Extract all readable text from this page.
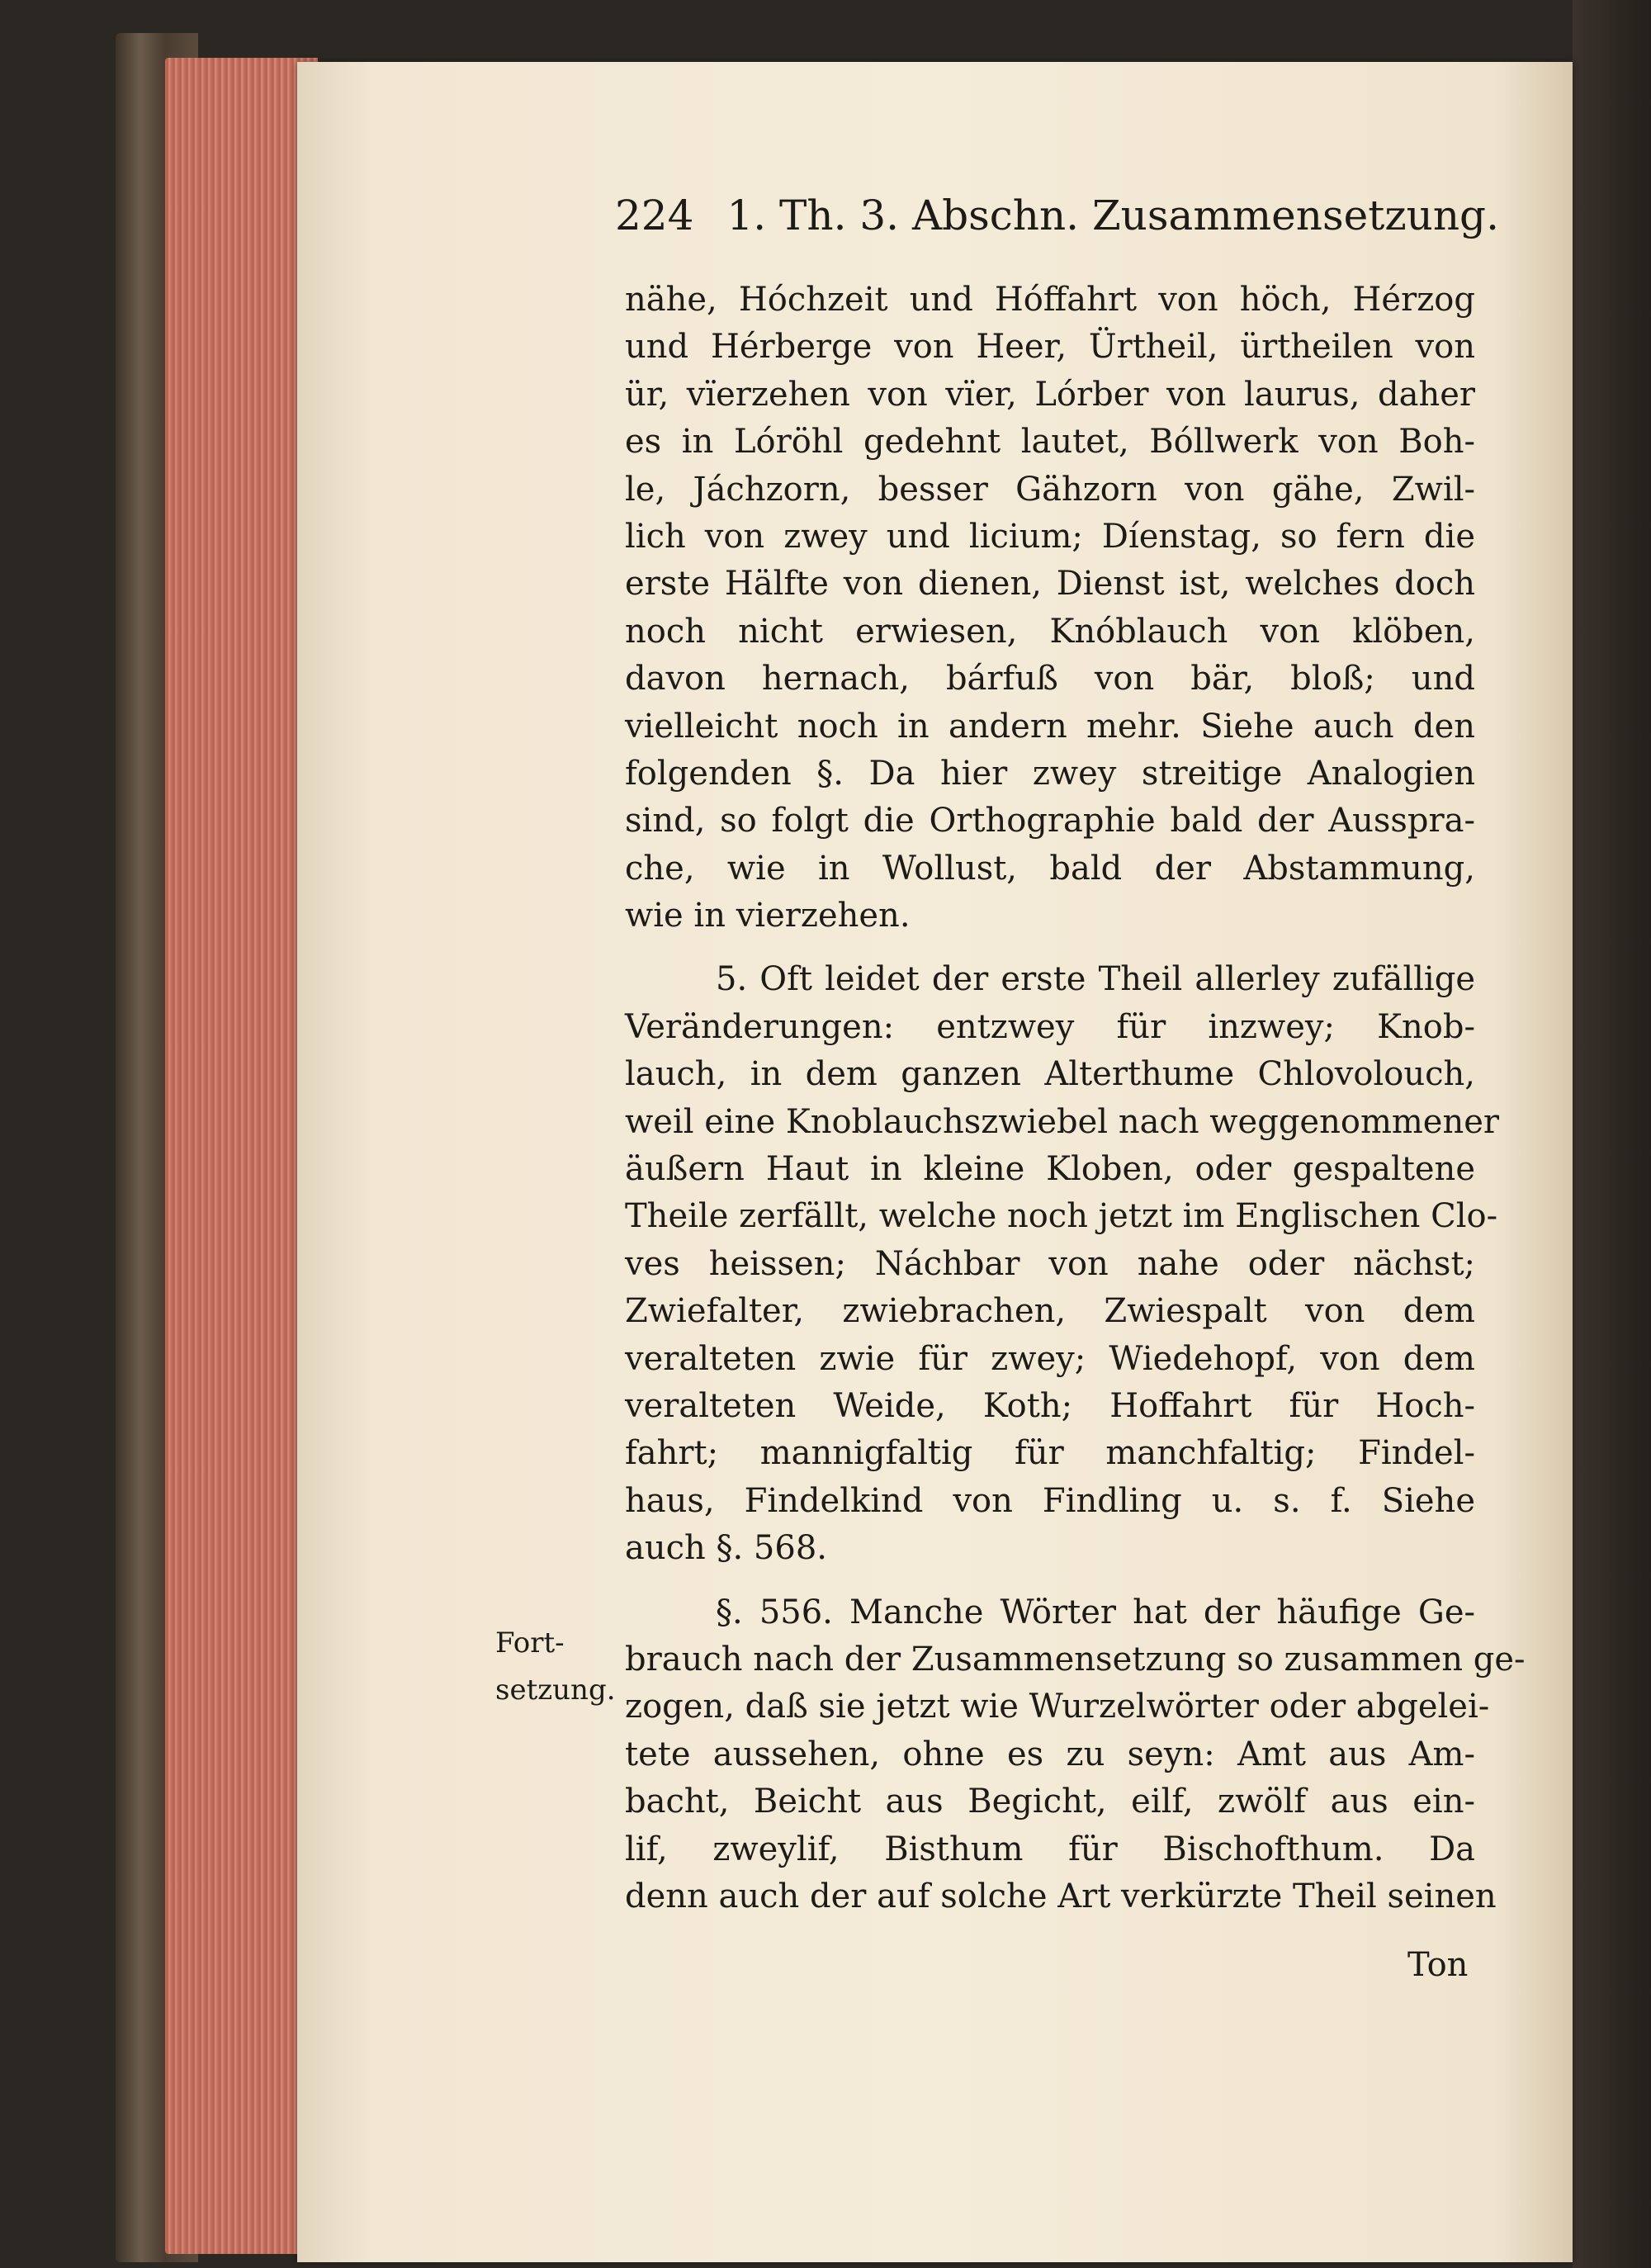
224 1. Th. 3. Abschn. Zusammensetzung.
nähe, Hóchzeit und Hóffahrt von höch, Hérzog
und Hérberge von Heer, Ürtheil, ürtheilen von
ür, vïerzehen von vïer, Lórber von laurus, daher
es in Lóröhl gedehnt lautet, Bóllwerk von Boh-
le, Jáchzorn, besser Gähzorn von gähe, Zwil-
lich von zwey und licium; Díenstag, so fern die
erste Hälfte von dienen, Dienst ist, welches doch
noch nicht erwiesen, Knóblauch von klöben,
davon hernach, bárfuß von bär, bloß; und
vielleicht noch in andern mehr. Siehe auch den
folgenden §. Da hier zwey streitige Analogien
sind, so folgt die Orthographie bald der Aussprа-
che, wie in Wollust, bald der Abstammung,
wie in vierzehen.
5. Oft leidet der erste Theil allerley zufällige
Veränderungen: entzwey für inzwey; Knob-
lauch, in dem ganzen Alterthume Chlovolouch,
weil eine Knoblauchszwiebel nach weggenommener
äußern Haut in kleine Kloben, oder gespaltene
Theile zerfällt, welche noch jetzt im Englischen Clo-
ves heissen; Náchbar von nahe oder nächst;
Zwiefalter, zwiebrachen, Zwiespalt von dem
veralteten zwie für zwey; Wiedehopf, von dem
veralteten Weide, Koth; Hoffahrt für Hoch-
fahrt; mannigfaltig für manchfaltig; Findel-
haus, Findelkind von Findling u. s. f. Siehe
auch §. 568.
§. 556. Manche Wörter hat der häufige Ge-
brauch nach der Zusammensetzung so zusammen ge-
zogen, daß sie jetzt wie Wurzelwörter oder abgelei-
tete aussehen, ohne es zu seyn: Amt aus Am-
bacht, Beicht aus Begicht, eilf, zwölf aus ein-
lif, zweylif, Bisthum für Bischofthum. Da
denn auch der auf solche Art verkürzte Theil seinen
Fort-
setzung.
Ton
